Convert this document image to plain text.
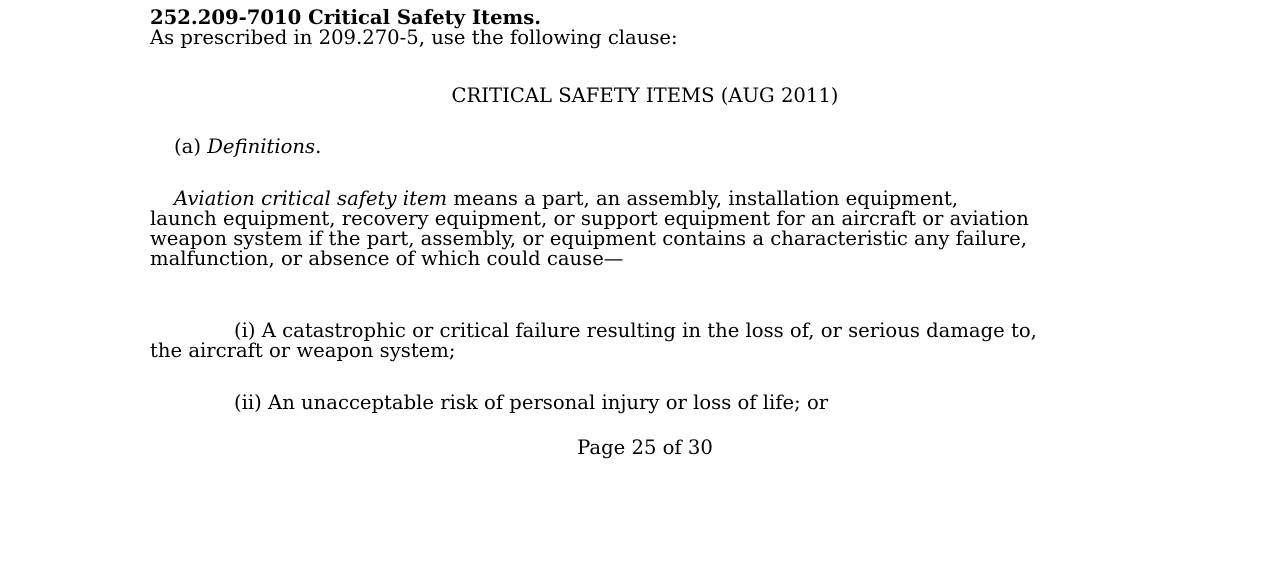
252.209-7010 Critical Safety Items.

As prescribed in 209.270-5, use the following clause:

CRITICAL SAFETY ITEMS (AUG 2011)

(a) Definitions.

Aviation critical safety item means a part, an assembly, installation equipment,

launch equipment, recovery equipment, or support equipment for an aircraft or aviation

weapon system if the part, assembly, or equipment contains a characteristic any failure,

malfunction, or absence of which could cause—

(i) A catastrophic or critical failure resulting in the loss of, or serious damage to,

the aircraft or weapon system;

(ii) An unacceptable risk of personal injury or loss of life; or

Page 25 of 30
